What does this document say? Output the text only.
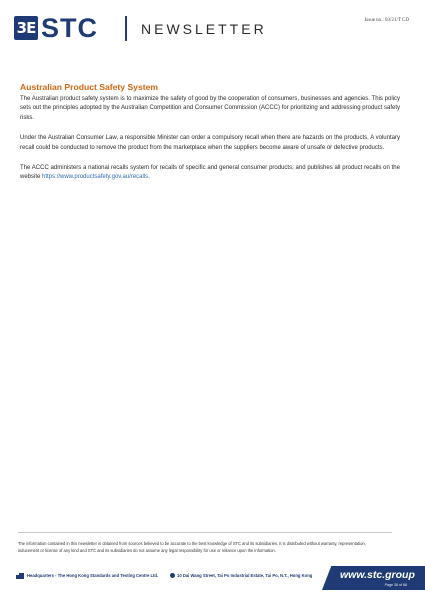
3E STC	NEWSLETTER
Issue no.: 03/21/T CD
Australian Product Safety System

The Australian product safety system is to maximize the safety of good by the cooperation of consumers, businesses and agencies. This policy sets out the principles adopted by the Australian Competition and Consumer Commission (ACCC) for prioritizing and addressing product safety risks.

Under the Australian Consumer Law, a responsible Minister can order a compulsory recall when there are hazards on the products. A voluntary recall could be conducted to remove the product from the marketplace when the suppliers become aware of unsafe or defective products.

The ACCC administers a national recalls system for recalls of specific and general consumer products, and publishes all product recalls on the website https://www.productsafety.gov.au/recalls.

The information contained in this newsletter is obtained from sources believed to be accurate to the best knowledge of STC and its subsidiaries. It is distributed without warranty, representation, inducement or license of any kind and STC and its subsidiaries do not assume any legal responsibility for use or reliance upon the information.
Headquarters - The Hong Kong Standards and Testing Centre Ltd.	10 Dai Wang Street, Tai Po Industrial Estate, Tai Po, N.T., Hong Kong	www.stc.group
Page 38 of 68
